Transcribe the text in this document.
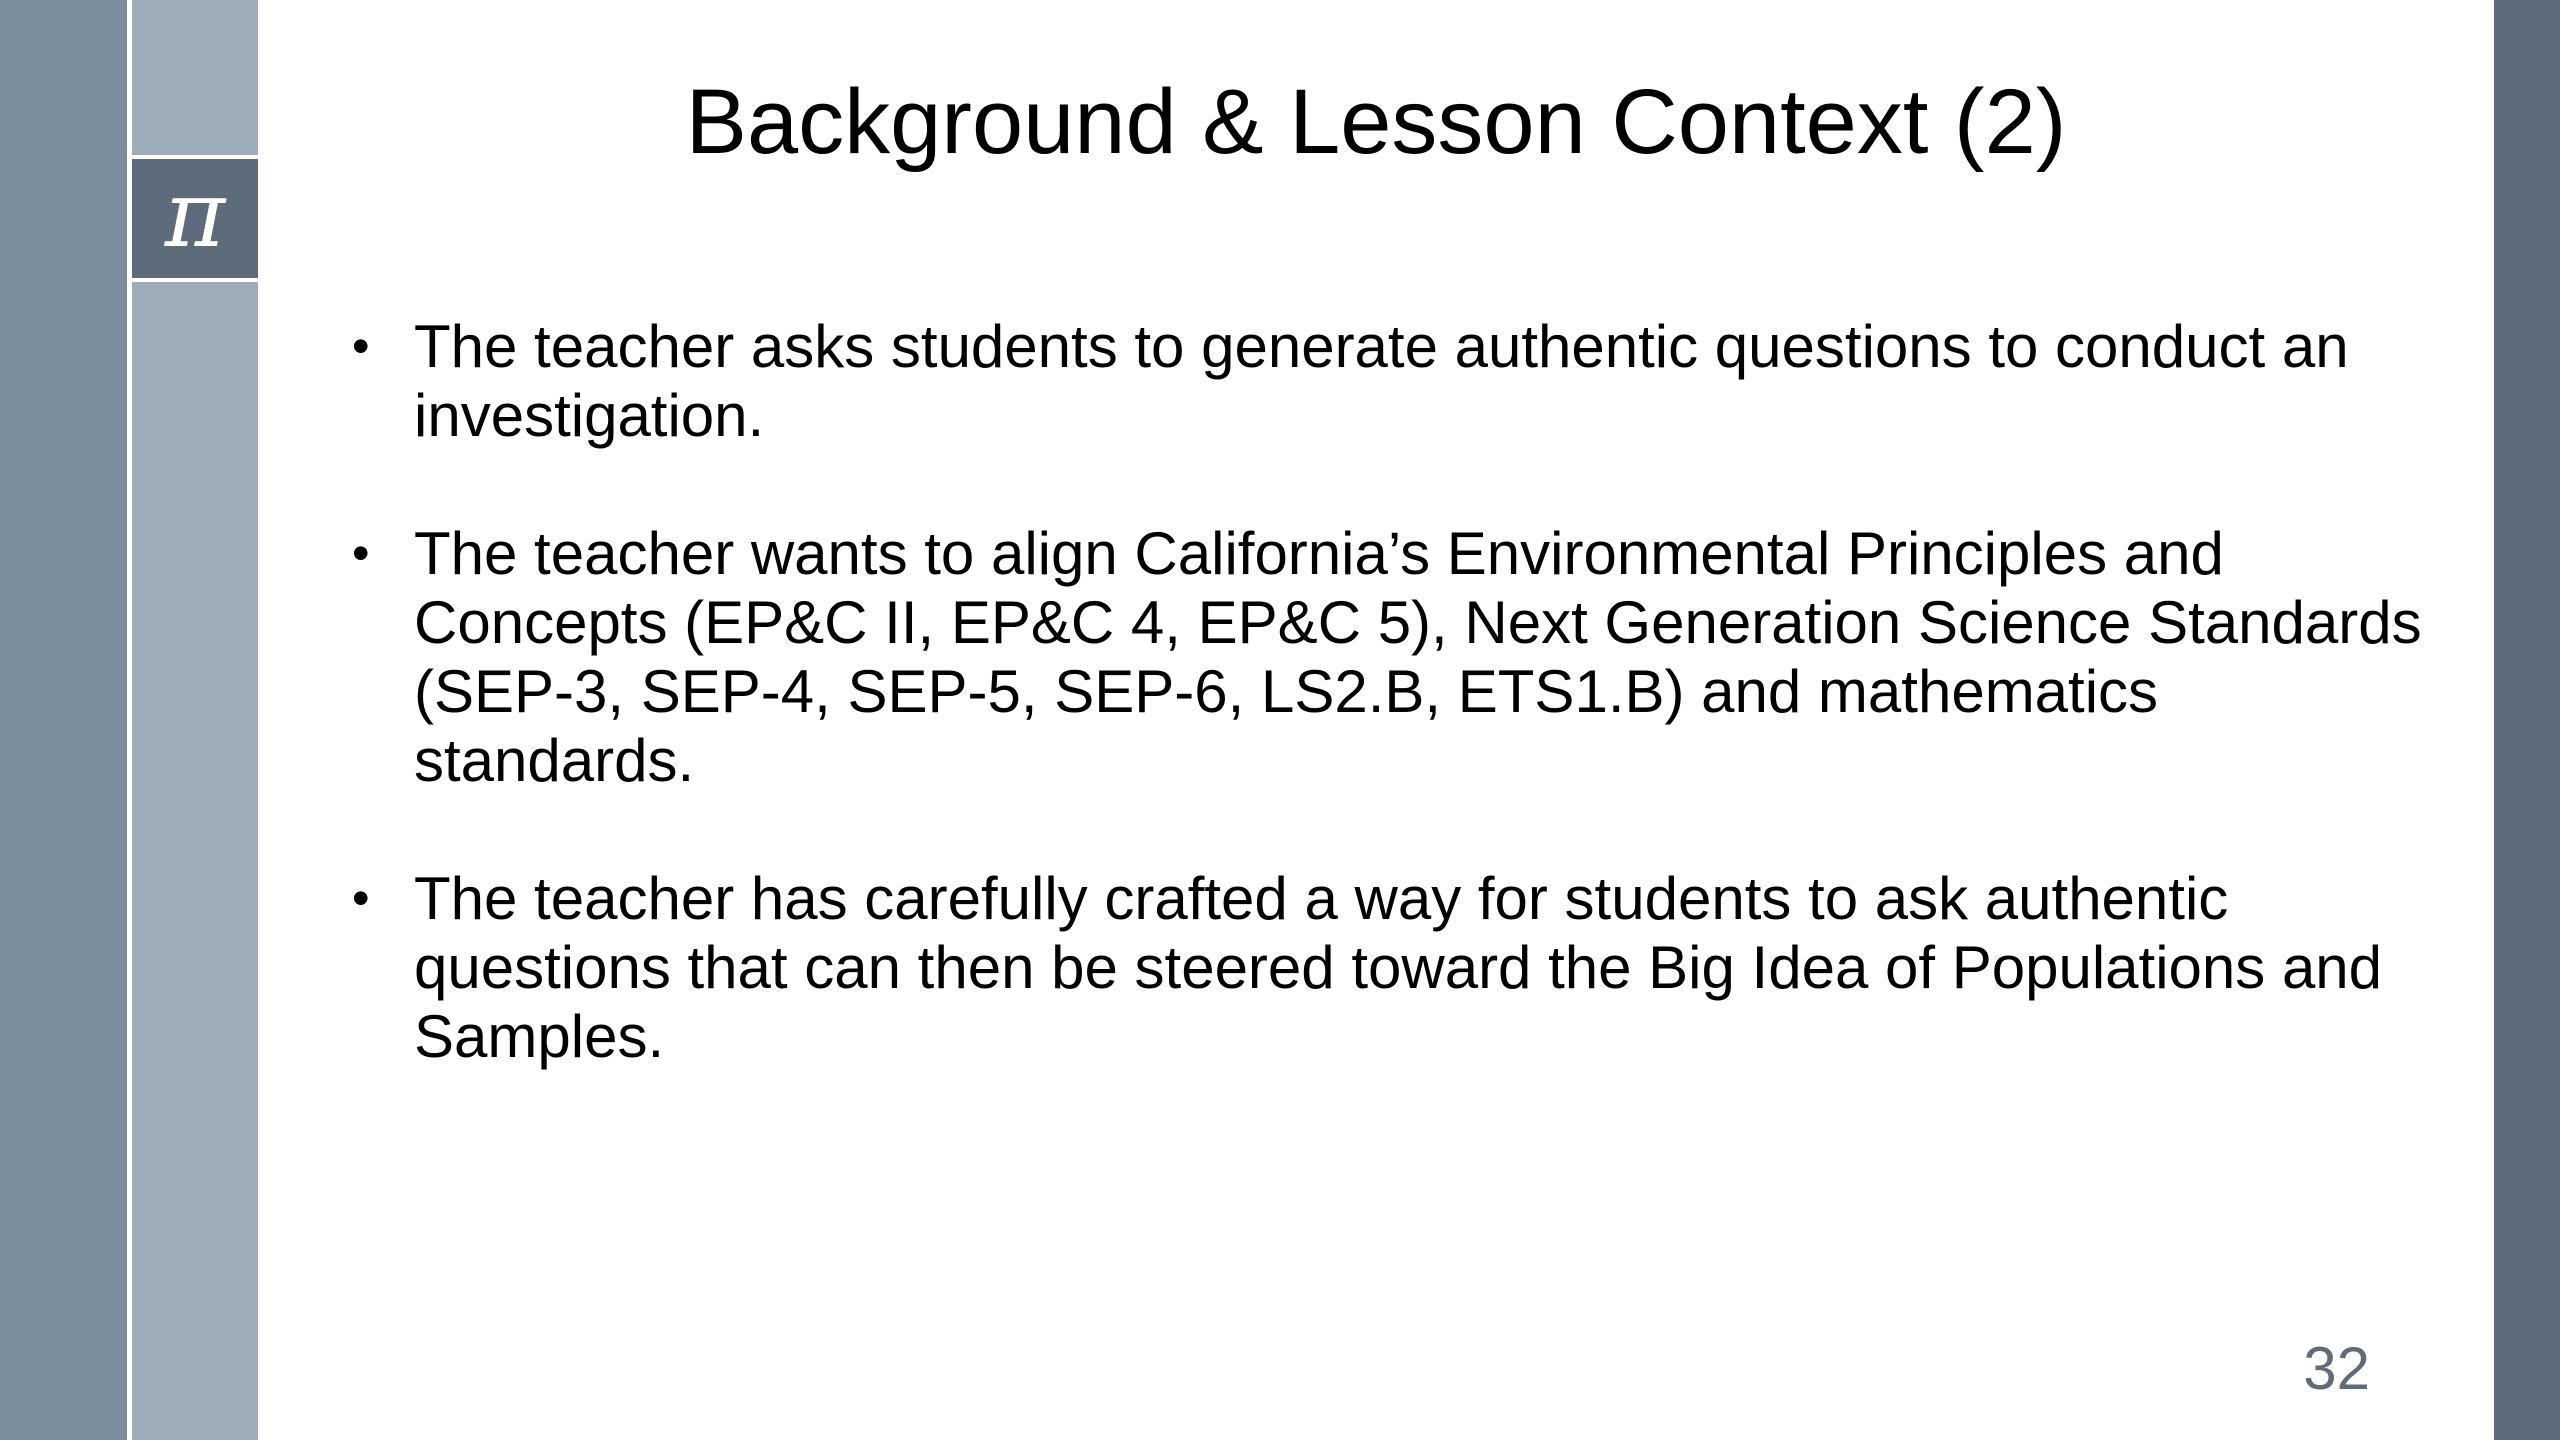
π
Background & Lesson Context (2)
• The teacher asks students to generate authentic questions to conduct an investigation.
• The teacher wants to align California’s Environmental Principles and Concepts (EP&C II, EP&C 4, EP&C 5), Next Generation Science Standards (SEP-3, SEP-4, SEP-5, SEP-6, LS2.B, ETS1.B) and mathematics standards.
• The teacher has carefully crafted a way for students to ask authentic questions that can then be steered toward the Big Idea of Populations and Samples.
32
